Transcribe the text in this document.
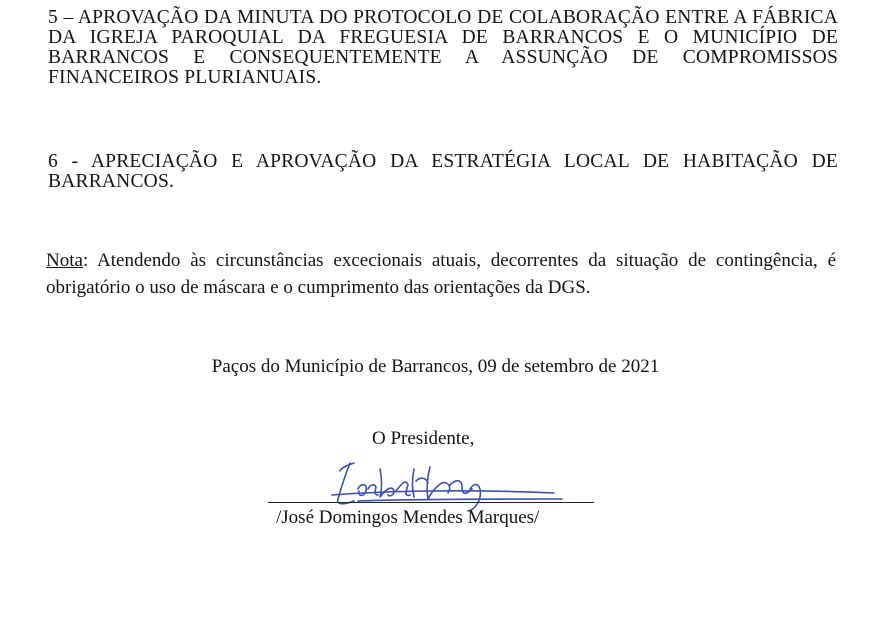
5 – APROVAÇÃO DA MINUTA DO PROTOCOLO DE COLABORAÇÃO ENTRE A FÁBRICA DA IGREJA PAROQUIAL DA FREGUESIA DE BARRANCOS E O MUNICÍPIO DE BARRANCOS E CONSEQUENTEMENTE A ASSUNÇÃO DE COMPROMISSOS FINANCEIROS PLURIANUAIS.

6 - APRECIAÇÃO E APROVAÇÃO DA ESTRATÉGIA LOCAL DE HABITAÇÃO DE BARRANCOS.

Nota: Atendendo às circunstâncias excecionais atuais, decorrentes da situação de contingência, é obrigatório o uso de máscara e o cumprimento das orientações da DGS.

Paços do Município de Barrancos, 09 de setembro de 2021
O Presidente,
/José Domingos Mendes Marques/
